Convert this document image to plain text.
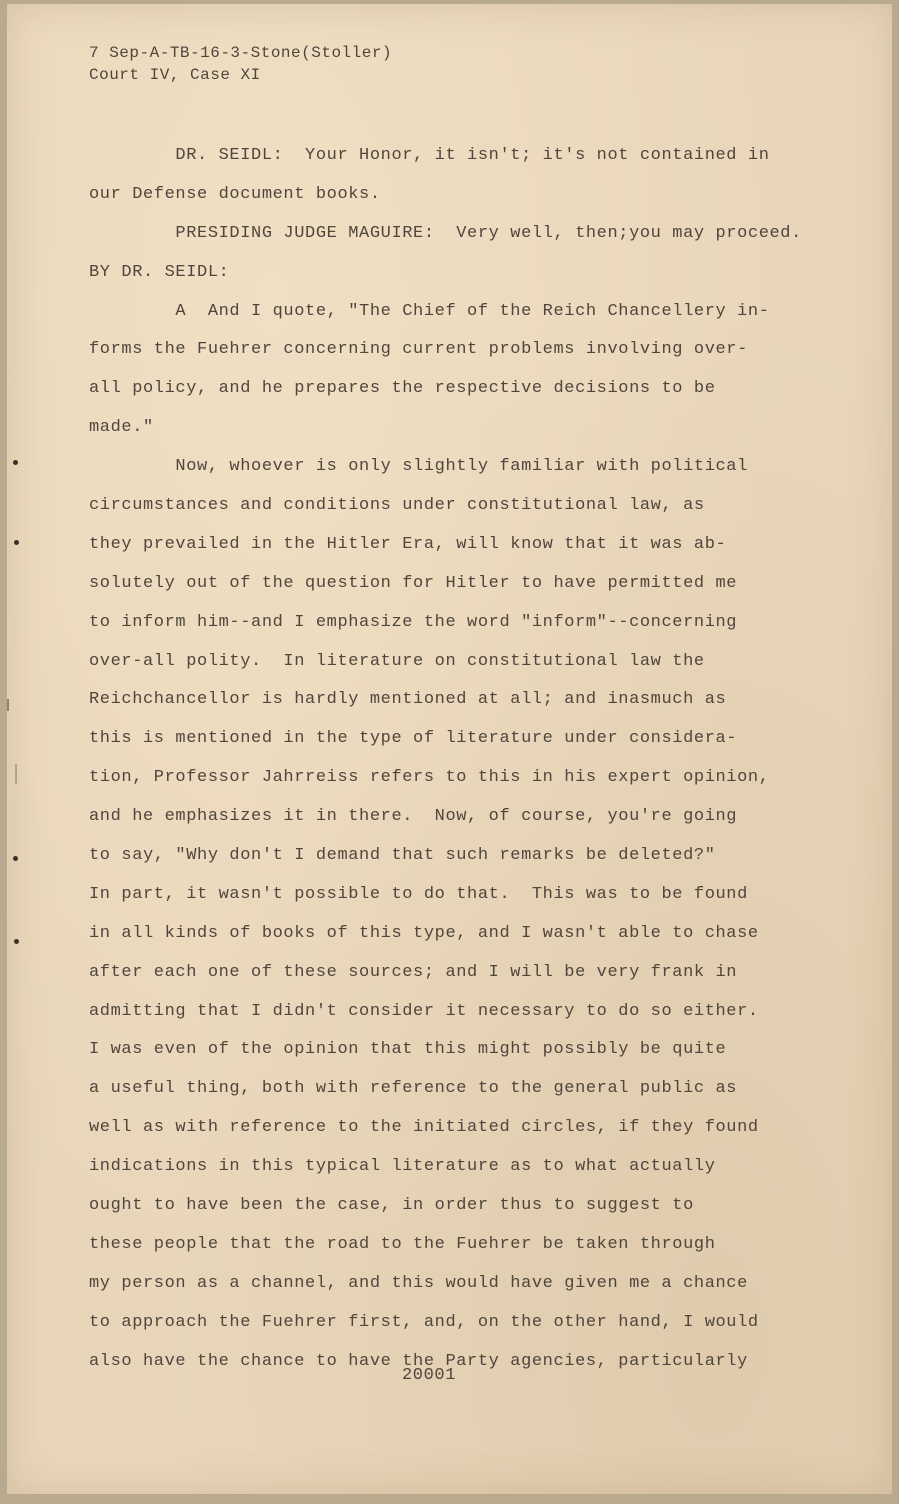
7 Sep-A-TB-16-3-Stone(Stoller)
Court IV, Case XI
DR. SEIDL:  Your Honor, it isn't; it's not contained in
our Defense document books.
PRESIDING JUDGE MAGUIRE:  Very well, then;you may proceed.
BY DR. SEIDL:
A  And I quote, "The Chief of the Reich Chancellery in-
forms the Fuehrer concerning current problems involving over-
all policy, and he prepares the respective decisions to be
made."
Now, whoever is only slightly familiar with political
circumstances and conditions under constitutional law, as
they prevailed in the Hitler Era, will know that it was ab-
solutely out of the question for Hitler to have permitted me
to inform him--and I emphasize the word "inform"--concerning
over-all polity.  In literature on constitutional law the
Reichchancellor is hardly mentioned at all; and inasmuch as
this is mentioned in the type of literature under considera-
tion, Professor Jahrreiss refers to this in his expert opinion,
and he emphasizes it in there.  Now, of course, you're going
to say, "Why don't I demand that such remarks be deleted?"
In part, it wasn't possible to do that.  This was to be found
in all kinds of books of this type, and I wasn't able to chase
after each one of these sources; and I will be very frank in
admitting that I didn't consider it necessary to do so either.
I was even of the opinion that this might possibly be quite
a useful thing, both with reference to the general public as
well as with reference to the initiated circles, if they found
indications in this typical literature as to what actually
ought to have been the case, in order thus to suggest to
these people that the road to the Fuehrer be taken through
my person as a channel, and this would have given me a chance
to approach the Fuehrer first, and, on the other hand, I would
also have the chance to have the Party agencies, particularly
20001
